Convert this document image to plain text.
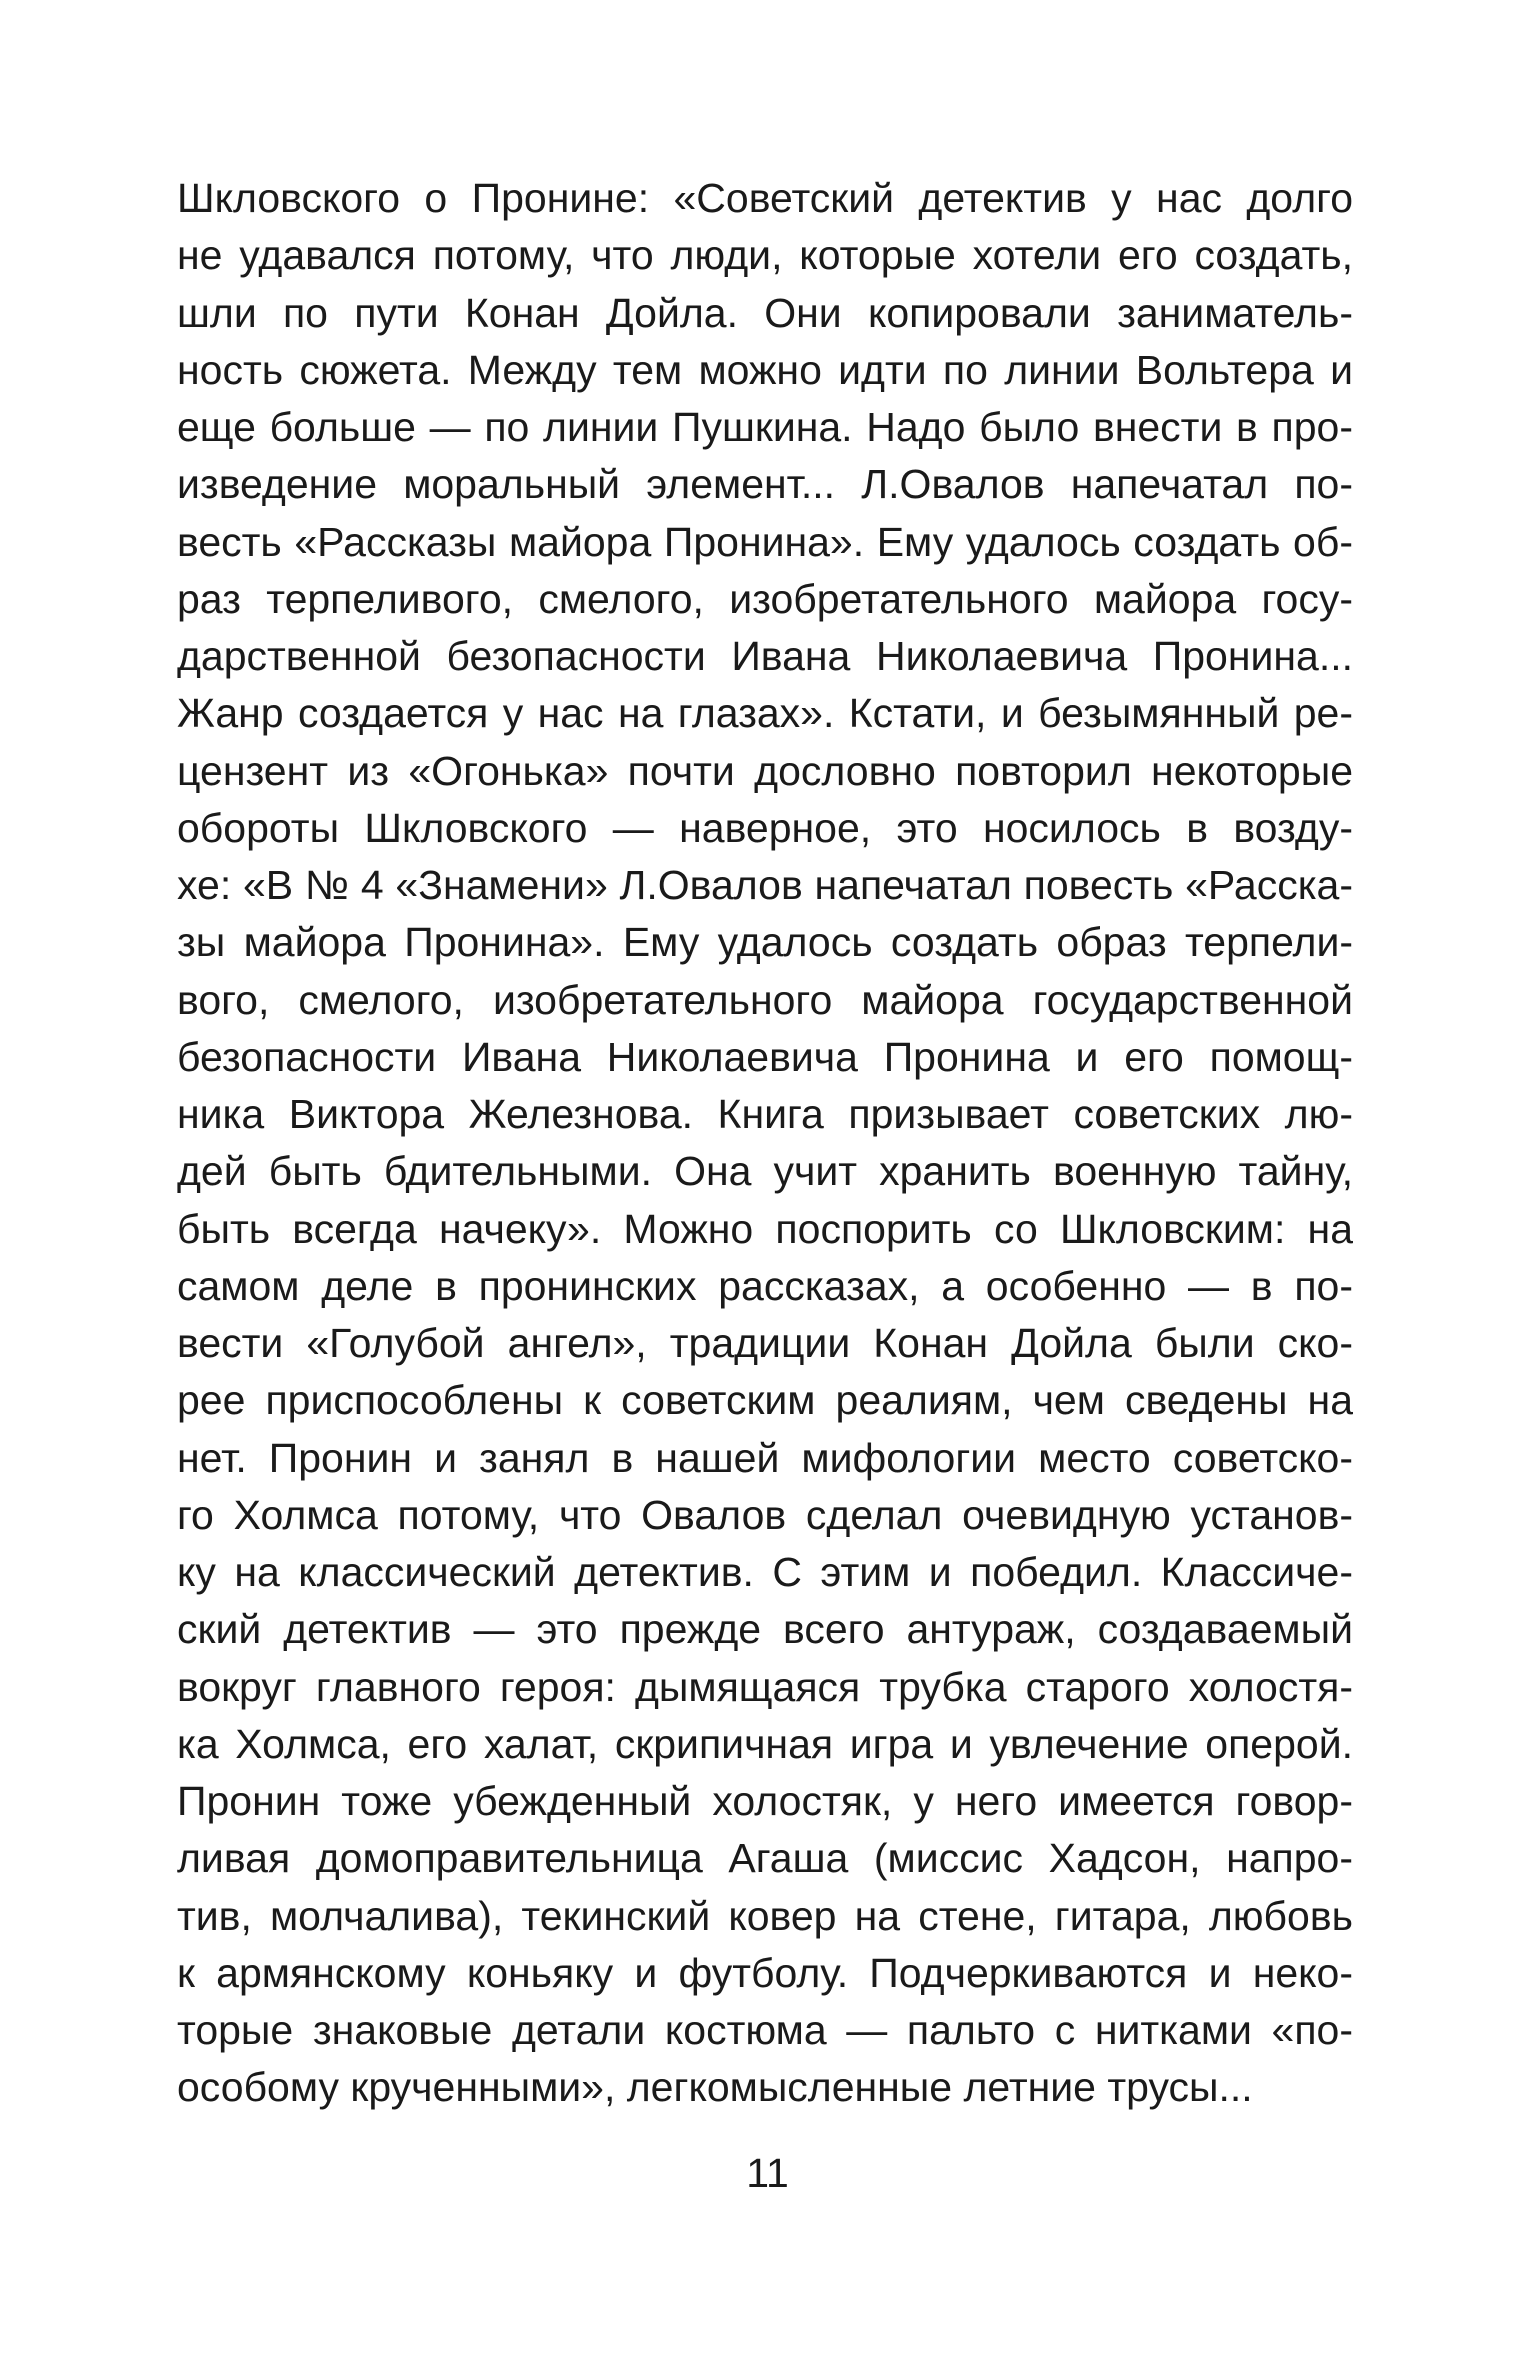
Шкловского о Пронине: «Советский детектив у нас долго
не удавался потому, что люди, которые хотели его создать,
шли по пути Конан Дойла. Они копировали заниматель-
ность сюжета. Между тем можно идти по линии Вольтера и
еще больше — по линии Пушкина. Надо было внести в про-
изведение моральный элемент... Л.Овалов напечатал по-
весть «Рассказы майора Пронина». Ему удалось создать об-
раз терпеливого, смелого, изобретательного майора госу-
дарственной безопасности Ивана Николаевича Пронина...
Жанр создается у нас на глазах». Кстати, и безымянный ре-
цензент из «Огонька» почти дословно повторил некоторые
обороты Шкловского — наверное, это носилось в возду-
хе: «В № 4 «Знамени» Л.Овалов напечатал повесть «Расска-
зы майора Пронина». Ему удалось создать образ терпели-
вого, смелого, изобретательного майора государственной
безопасности Ивана Николаевича Пронина и его помощ-
ника Виктора Железнова. Книга призывает советских лю-
дей быть бдительными. Она учит хранить военную тайну,
быть всегда начеку». Можно поспорить со Шкловским: на
самом деле в пронинских рассказах, а особенно — в по-
вести «Голубой ангел», традиции Конан Дойла были ско-
рее приспособлены к советским реалиям, чем сведены на
нет. Пронин и занял в нашей мифологии место советско-
го Холмса потому, что Овалов сделал очевидную установ-
ку на классический детектив. С этим и победил. Классиче-
ский детектив — это прежде всего антураж, создаваемый
вокруг главного героя: дымящаяся трубка старого холостя-
ка Холмса, его халат, скрипичная игра и увлечение оперой.
Пронин тоже убежденный холостяк, у него имеется говор-
ливая домоправительница Агаша (миссис Хадсон, напро-
тив, молчалива), текинский ковер на стене, гитара, любовь
к армянскому коньяку и футболу. Подчеркиваются и неко-
торые знаковые детали костюма — пальто с нитками «по-
особому крученными», легкомысленные летние трусы...
11
